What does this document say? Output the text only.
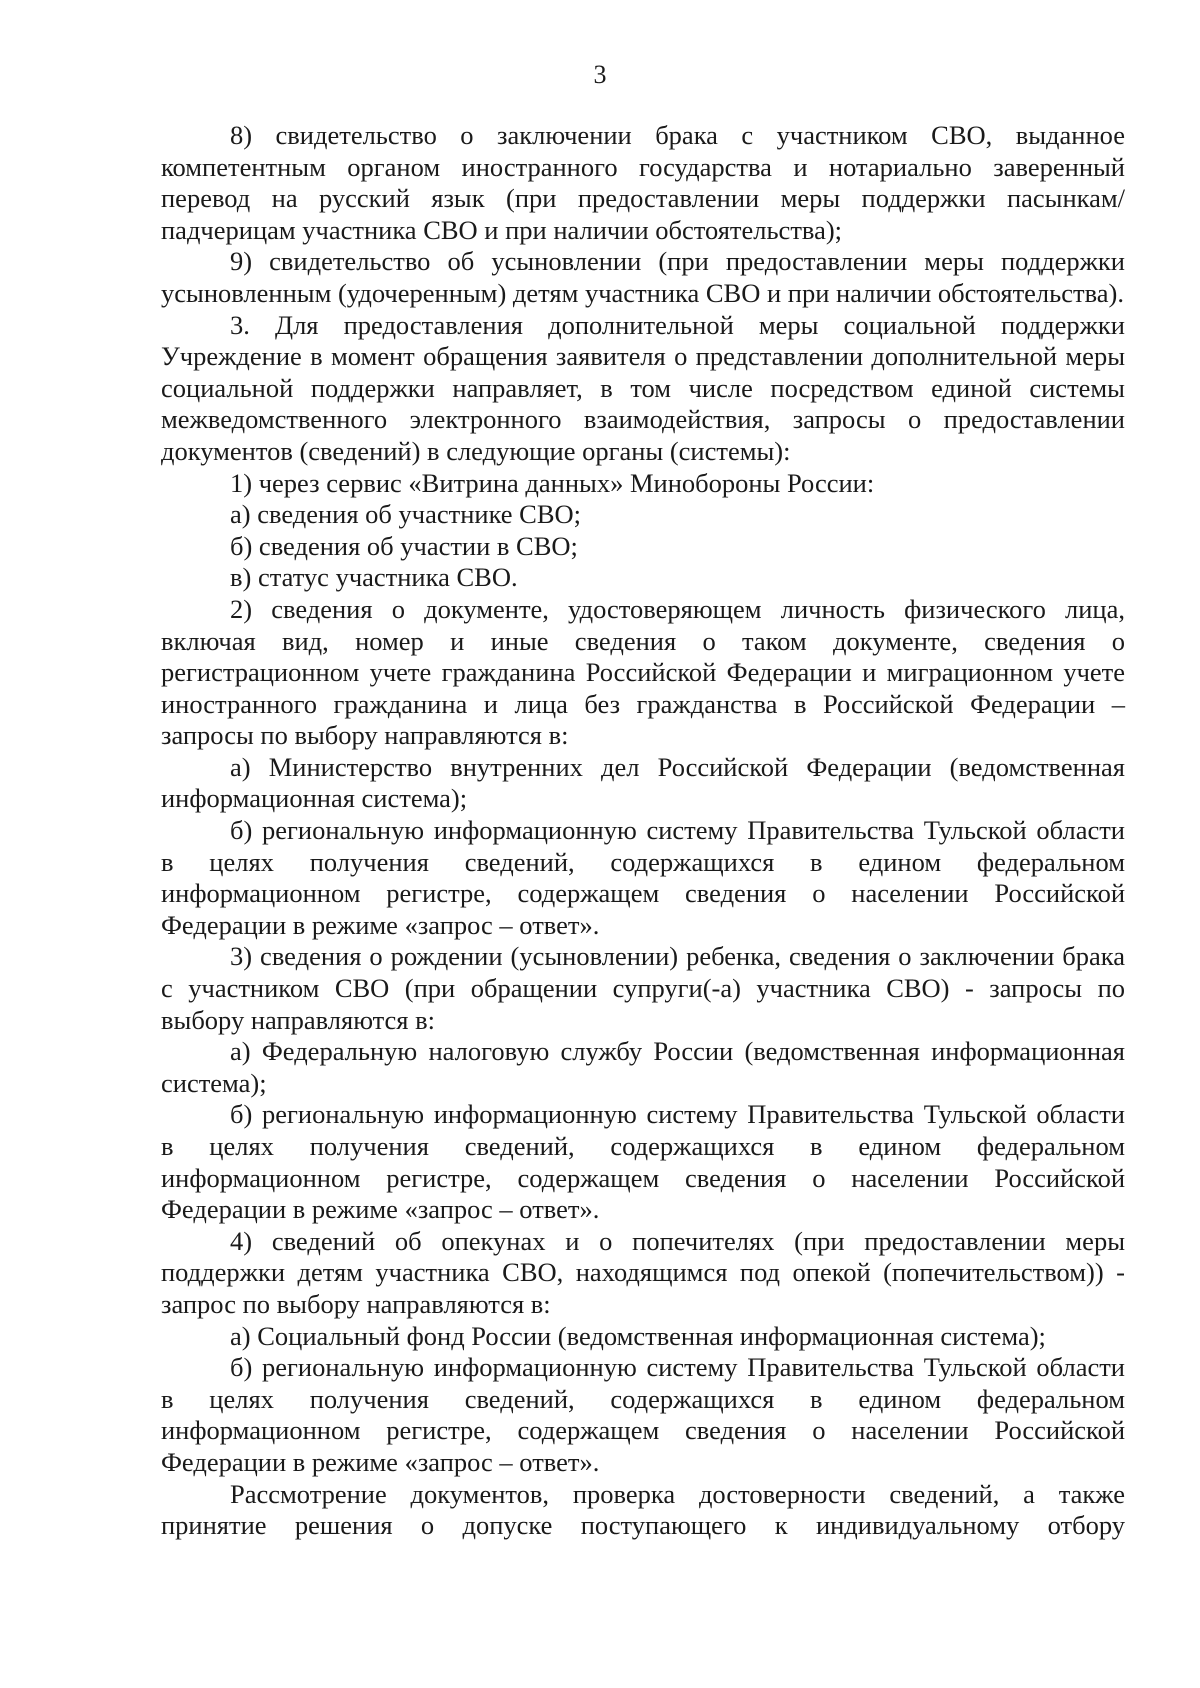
3

8) свидетельство о заключении брака с участником СВО, выданное компетентным органом иностранного государства и нотариально заверенный перевод на русский язык (при предоставлении меры поддержки пасынкам/падчерицам участника СВО и при наличии обстоятельства);

9) свидетельство об усыновлении (при предоставлении меры поддержки усыновленным (удочеренным) детям участника СВО и при наличии обстоятельства).

3. Для предоставления дополнительной меры социальной поддержки Учреждение в момент обращения заявителя о представлении дополнительной меры социальной поддержки направляет, в том числе посредством единой системы межведомственного электронного взаимодействия, запросы о предоставлении документов (сведений) в следующие органы (системы):

1) через сервис «Витрина данных» Минобороны России:

а) сведения об участнике СВО;

б) сведения об участии в СВО;

в) статус участника СВО.

2) сведения о документе, удостоверяющем личность физического лица, включая вид, номер и иные сведения о таком документе, сведения о регистрационном учете гражданина Российской Федерации и миграционном учете иностранного гражданина и лица без гражданства в Российской Федерации – запросы по выбору направляются в:

а) Министерство внутренних дел Российской Федерации (ведомственная информационная система);

б) региональную информационную систему Правительства Тульской области в целях получения сведений, содержащихся в едином федеральном информационном регистре, содержащем сведения о населении Российской Федерации в режиме «запрос – ответ».

3) сведения о рождении (усыновлении) ребенка, сведения о заключении брака с участником СВО (при обращении супруги(-а) участника СВО) - запросы по выбору направляются в:

а) Федеральную налоговую службу России (ведомственная информационная система);

б) региональную информационную систему Правительства Тульской области в целях получения сведений, содержащихся в едином федеральном информационном регистре, содержащем сведения о населении Российской Федерации в режиме «запрос – ответ».

4) сведений об опекунах и о попечителях (при предоставлении меры поддержки детям участника СВО, находящимся под опекой (попечительством)) - запрос по выбору направляются в:

а) Социальный фонд России (ведомственная информационная система);

б) региональную информационную систему Правительства Тульской области в целях получения сведений, содержащихся в едином федеральном информационном регистре, содержащем сведения о населении Российской Федерации в режиме «запрос – ответ».

Рассмотрение документов, проверка достоверности сведений, а также принятие решения о допуске поступающего к индивидуальному отбору
